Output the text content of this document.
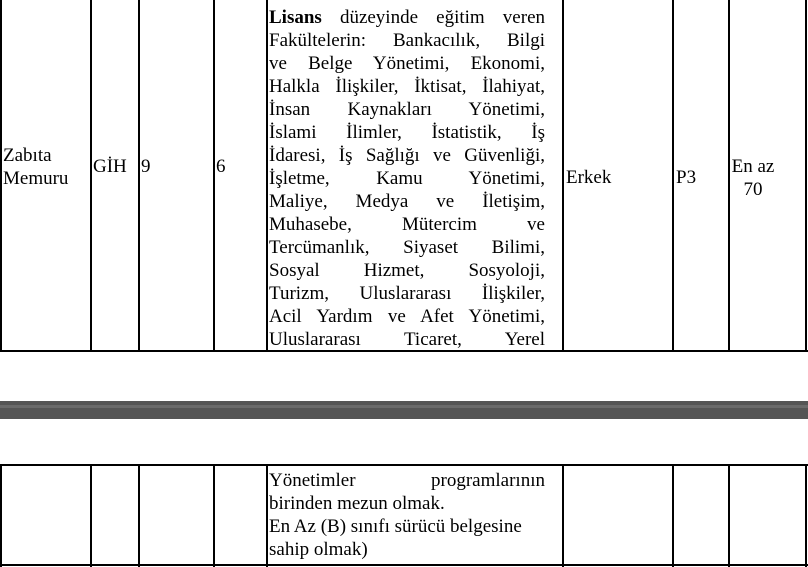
Zabıta
Memuru
GİH 9	6

Lisans düzeyinde eğitim veren

Fakültelerin: Bankacılık, Bilgi

ve Belge Yönetimi, Ekonomi,

Halkla İlişkiler, İktisat, İlahiyat,

İnsan Kaynakları Yönetimi,

İslami İlimler, İstatistik, İş

İdaresi, İş Sağlığı ve Güvenliği,

İşletme, Kamu Yönetimi,

Maliye, Medya ve İletişim,

Muhasebe, Mütercim ve

Tercümanlık, Siyaset Bilimi,

Sosyal Hizmet, Sosyoloji,

Turizm, Uluslararası İlişkiler,

Acil Yardım ve Afet Yönetimi,

Uluslararası Ticaret, Yerel

Erkek	P3
En az
70

Yönetimler programlarının

birinden mezun olmak.

En Az (B) sınıfı sürücü belgesine

sahip olmak)
